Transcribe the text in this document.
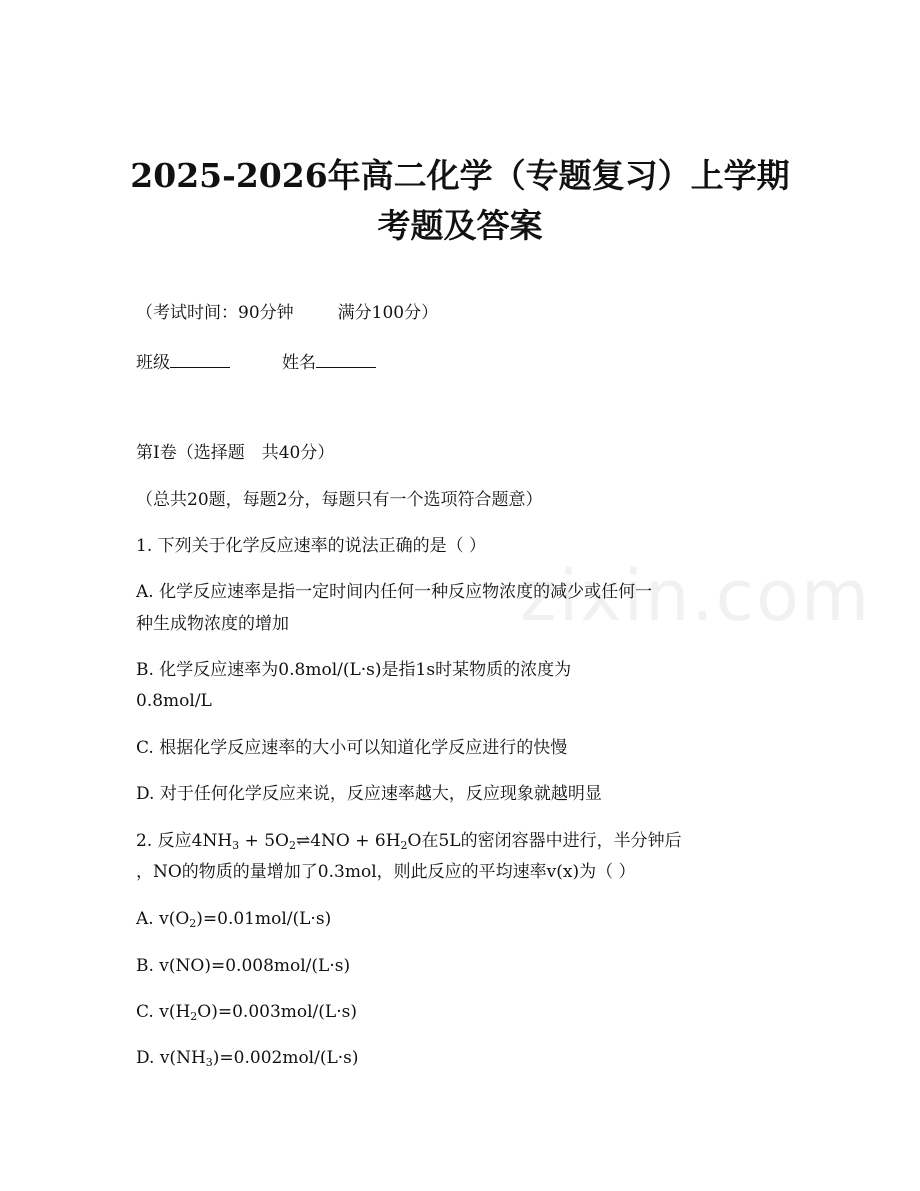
zixin.com
2025-2026年高二化学（专题复习）上学期
考题及答案

（考试时间：90分钟	满分100分）

班级	姓名

第I卷（选择题　共40分）

（总共20题，每题2分，每题只有一个选项符合题意）

1. 下列关于化学反应速率的说法正确的是（ ）

A. 化学反应速率是指一定时间内任何一种反应物浓度的减少或任何一

种生成物浓度的增加

B. 化学反应速率为0.8mol/(L·s)是指1s时某物质的浓度为

0.8mol/L

C. 根据化学反应速率的大小可以知道化学反应进行的快慢

D. 对于任何化学反应来说，反应速率越大，反应现象就越明显

2. 反应$4NH_3$ + $5O_2\rightleftharpoons 4NO + 6H_2O$在5L的密闭容器中进行，半分钟后

，NO的物质的量增加了0.3mol，则此反应的平均速率v(x)为（ ）

A. $v(O_2)=0.01mol/(L\cdot s)$

B. v(NO)=0.008mol/(L·s)

C. $v(H_2O)=0.003mol/(L\cdot s)$

D. $v(NH_3)=0.002mol/(L\cdot s)$
